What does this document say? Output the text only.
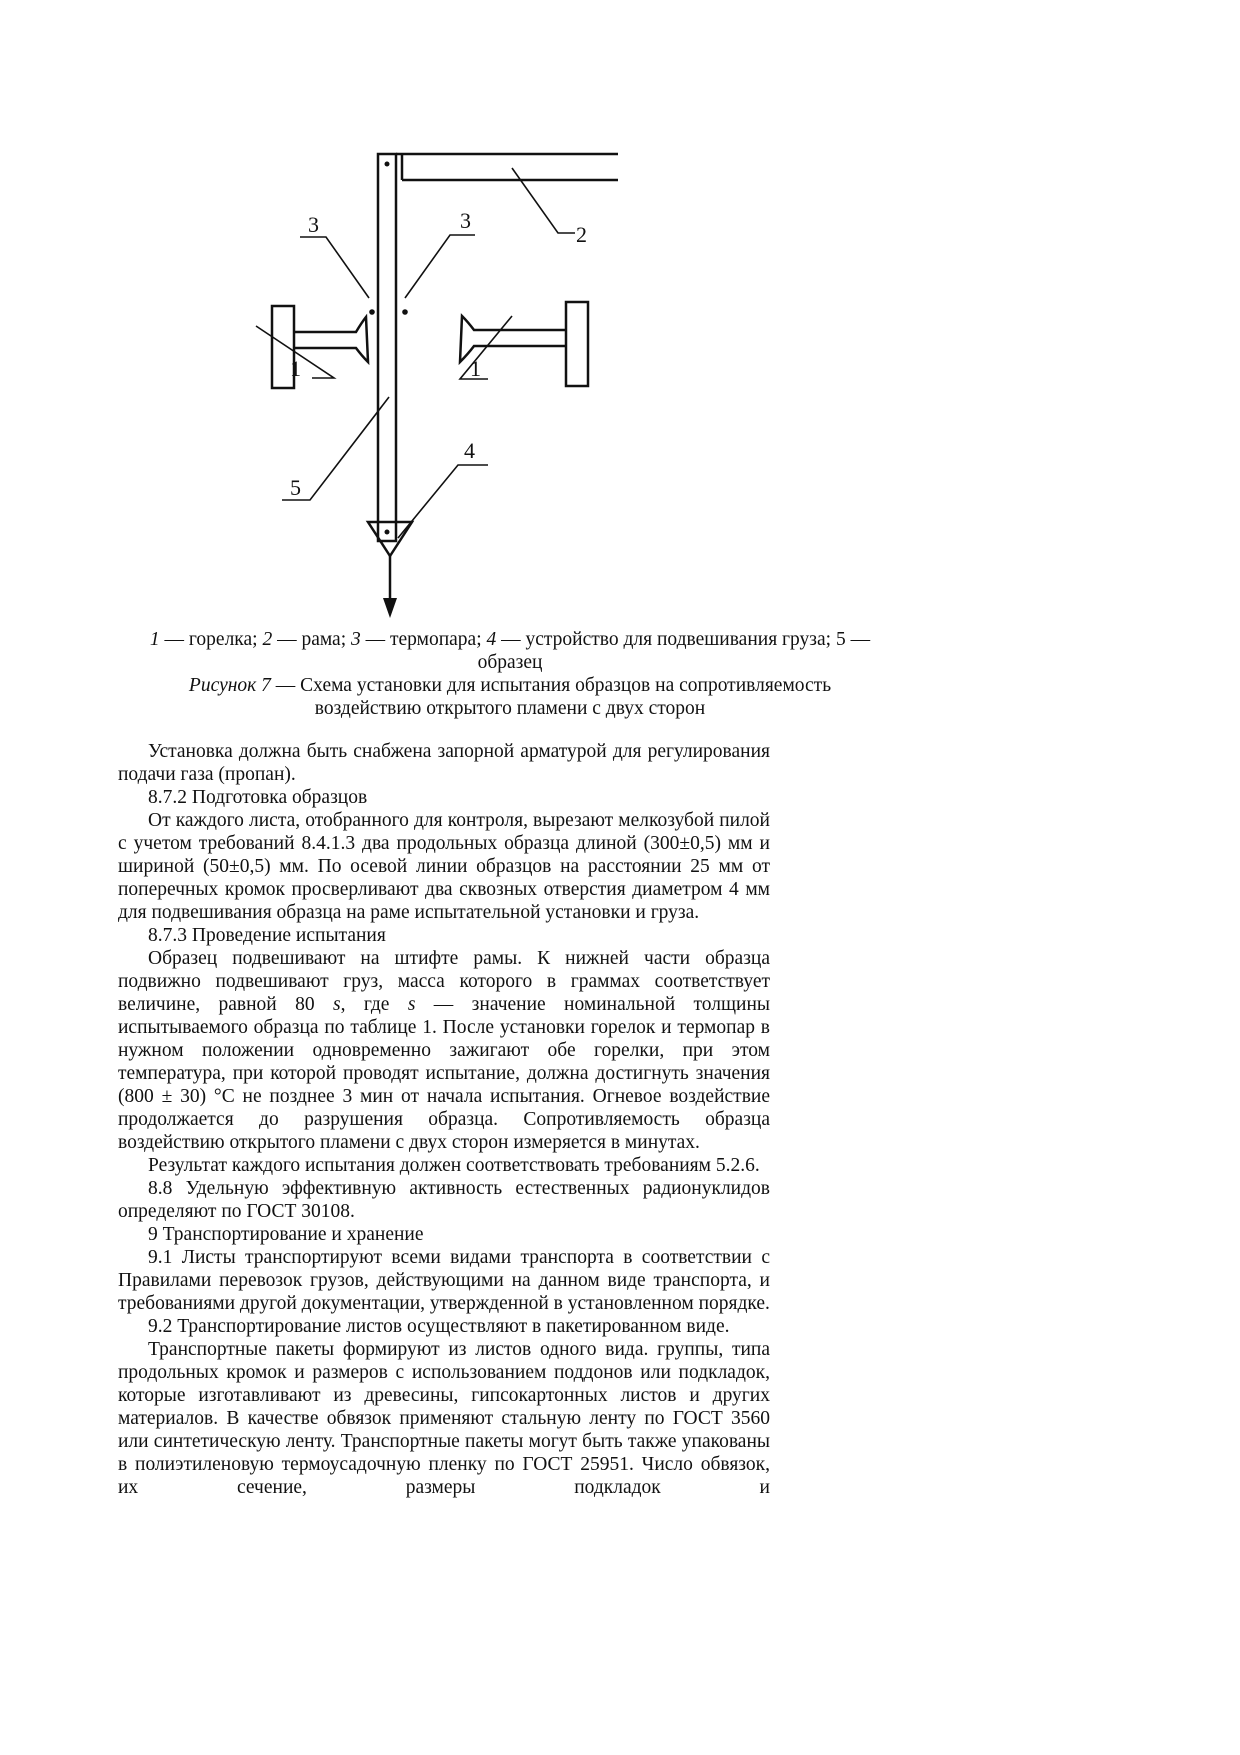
2
3	3
1	1
4
5

1 — горелка; 2 — рама; 3 — термопара; 4 — устройство для подвешивания груза; 5 — образец

Рисунок 7 — Схема установки для испытания образцов на сопротивляемость воздействию открытого пламени с двух сторон

Установка должна быть снабжена запорной арматурой для регулирования подачи газа (пропан).

8.7.2 Подготовка образцов

От каждого листа, отобранного для контроля, вырезают мелкозубой пилой с учетом требований 8.4.1.3 два продольных образца длиной (300±0,5) мм и шириной (50±0,5) мм. По осевой линии образцов на расстоянии 25 мм от поперечных кромок просверливают два сквозных отверстия диаметром 4 мм для подвешивания образца на раме испытательной установки и груза.

8.7.3 Проведение испытания

Образец подвешивают на штифте рамы. К нижней части образца подвижно подвешивают груз, масса которого в граммах соответствует величине, равной 80 s, где s — значение номинальной толщины испытываемого образца по таблице 1. После установки горелок и термопар в нужном положении одновременно зажигают обе горелки, при этом температура, при которой проводят испытание, должна достигнуть значения (800 ± 30) °С не позднее 3 мин от начала испытания. Огневое воздействие продолжается до разрушения образца. Сопротивляемость образца воздействию открытого пламени с двух сторон измеряется в минутах.

Результат каждого испытания должен соответствовать требованиям 5.2.6.

8.8 Удельную эффективную активность естественных радионуклидов определяют по ГОСТ 30108.

9 Транспортирование и хранение

9.1 Листы транспортируют всеми видами транспорта в соответствии с Правилами перевозок грузов, действующими на данном виде транспорта, и требованиями другой документации, утвержденной в установленном порядке.

9.2 Транспортирование листов осуществляют в пакетированном виде.

Транспортные пакеты формируют из листов одного вида. группы, типа продольных кромок и размеров с использованием поддонов или подкладок, которые изготавливают из древесины, гипсокартонных листов и других материалов. В качестве обвязок применяют стальную ленту по ГОСТ 3560 или синтетическую ленту. Транспортные пакеты могут быть также упакованы в полиэтиленовую термоусадочную пленку по ГОСТ 25951. Число обвязок, их сечение, размеры подкладок и
